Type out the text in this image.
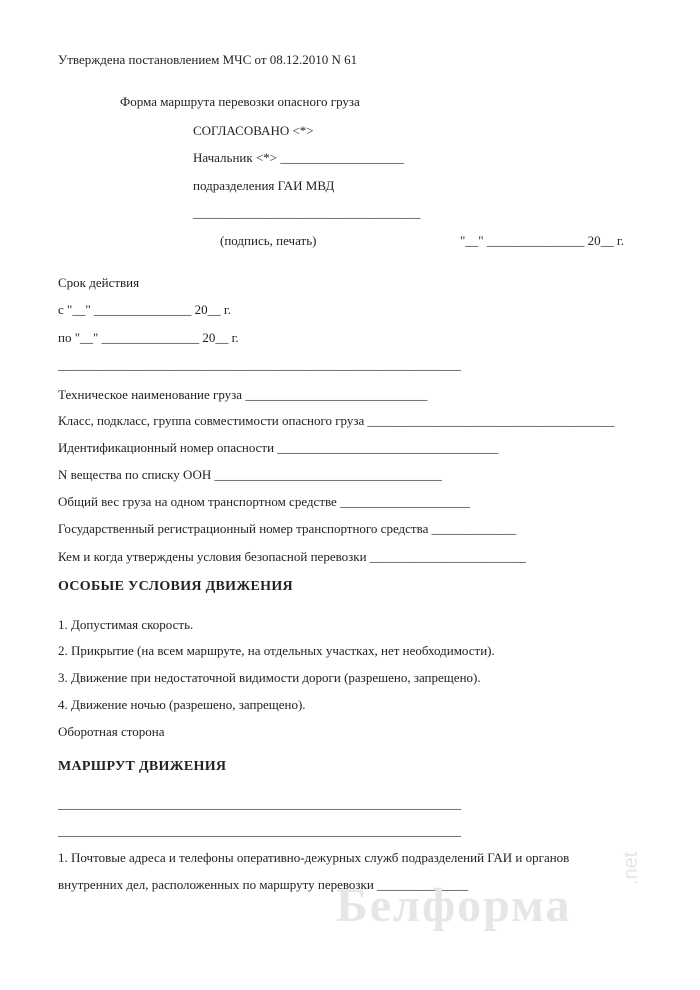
Утверждена постановлением МЧС от 08.12.2010 N 61
Форма маршрута перевозки опасного груза
СОГЛАСОВАНО <*>
Начальник <*> ___________________
подразделения ГАИ МВД
___________________________________
(подпись, печать)	"__" _______________ 20__ г.
Срок действия
с "__" _______________ 20__ г.
по "__" _______________ 20__ г.
______________________________________________________________
Техническое наименование груза ____________________________
Класс, подкласс, группа совместимости опасного груза ______________________________________
Идентификационный номер опасности __________________________________
N вещества по списку ООН ___________________________________
Общий вес груза на одном транспортном средстве ____________________
Государственный регистрационный номер транспортного средства _____________
Кем и когда утверждены условия безопасной перевозки ________________________
ОСОБЫЕ УСЛОВИЯ ДВИЖЕНИЯ
1. Допустимая скорость.
2. Прикрытие (на всем маршруте, на отдельных участках, нет необходимости).
3. Движение при недостаточной видимости дороги (разрешено, запрещено).
4. Движение ночью (разрешено, запрещено).
Оборотная сторона
МАРШРУТ ДВИЖЕНИЯ
______________________________________________________________
______________________________________________________________
1. Почтовые адреса и телефоны оперативно-дежурных служб подразделений ГАИ и органов
внутренних дел, расположенных по маршруту перевозки ______________
Белформа
.net
